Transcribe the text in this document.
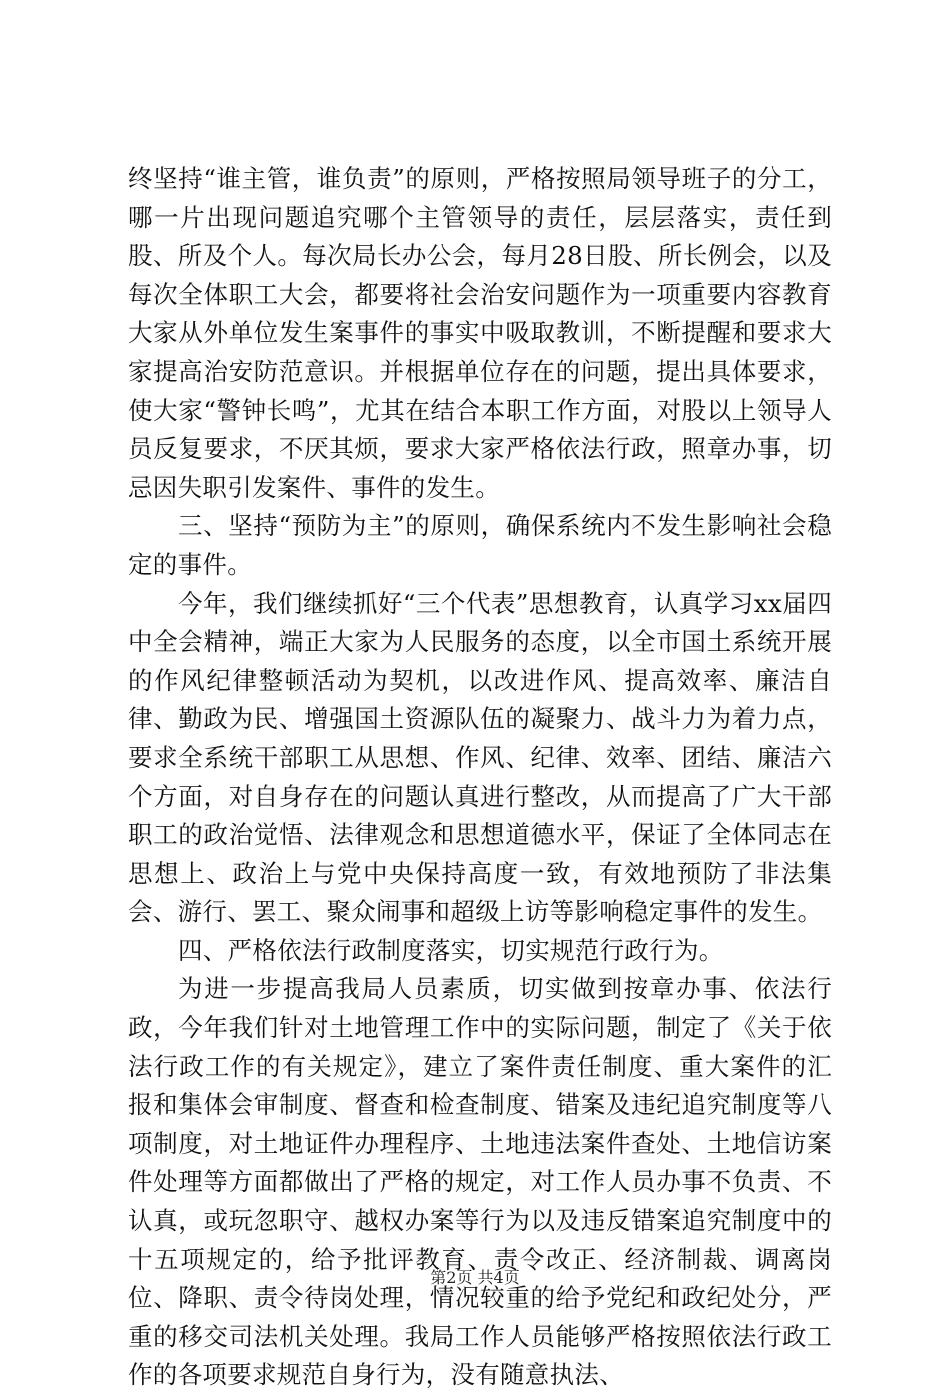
终坚持“谁主管，谁负责”的原则，严格按照局领导班子的分工，哪一片出现问题追究哪个主管领导的责任，层层落实，责任到股、所及个人。每次局长办公会，每月28日股、所长例会，以及每次全体职工大会，都要将社会治安问题作为一项重要内容教育大家从外单位发生案事件的事实中吸取教训，不断提醒和要求大家提高治安防范意识。并根据单位存在的问题，提出具体要求，使大家“警钟长鸣”，尤其在结合本职工作方面，对股以上领导人员反复要求，不厌其烦，要求大家严格依法行政，照章办事，切忌因失职引发案件、事件的发生。

三、坚持“预防为主”的原则，确保系统内不发生影响社会稳定的事件。

今年，我们继续抓好“三个代表”思想教育，认真学习xx届四中全会精神，端正大家为人民服务的态度，以全市国土系统开展的作风纪律整顿活动为契机，以改进作风、提高效率、廉洁自律、勤政为民、增强国土资源队伍的凝聚力、战斗力为着力点，要求全系统干部职工从思想、作风、纪律、效率、团结、廉洁六个方面，对自身存在的问题认真进行整改，从而提高了广大干部职工的政治觉悟、法律观念和思想道德水平，保证了全体同志在思想上、政治上与党中央保持高度一致，有效地预防了非法集会、游行、罢工、聚众闹事和超级上访等影响稳定事件的发生。

四、严格依法行政制度落实，切实规范行政行为。

为进一步提高我局人员素质，切实做到按章办事、依法行政，今年我们针对土地管理工作中的实际问题，制定了《关于依法行政工作的有关规定》，建立了案件责任制度、重大案件的汇报和集体会审制度、督查和检查制度、错案及违纪追究制度等八项制度，对土地证件办理程序、土地违法案件查处、土地信访案件处理等方面都做出了严格的规定，对工作人员办事不负责、不认真，或玩忽职守、越权办案等行为以及违反错案追究制度中的十五项规定的，给予批评教育、责令改正、经济制裁、调离岗位、降职、责令待岗处理，情况较重的给予党纪和政纪处分，严重的移交司法机关处理。我局工作人员能够严格按照依法行政工作的各项要求规范自身行为，没有随意执法、

第2页 共4页
